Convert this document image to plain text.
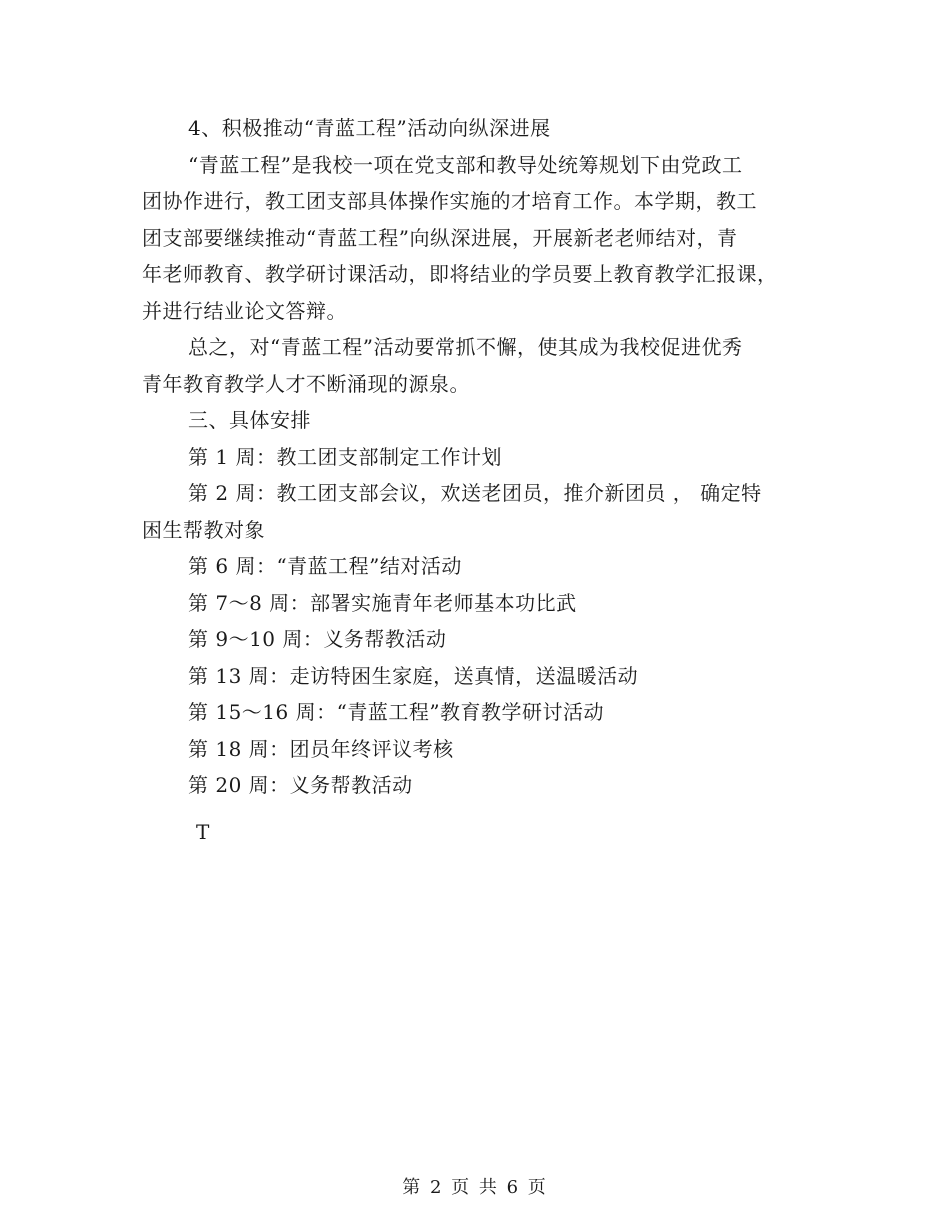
4、积极推动“青蓝工程”活动向纵深进展

“青蓝工程”是我校一项在党支部和教导处统筹规划下由党政工
团协作进行，教工团支部具体操作实施的才培育工作。本学期，教工
团支部要继续推动“青蓝工程”向纵深进展，开展新老老师结对，青
年老师教育、教学研讨课活动，即将结业的学员要上教育教学汇报课，
并进行结业论文答辩。

总之，对“青蓝工程”活动要常抓不懈，使其成为我校促进优秀
青年教育教学人才不断涌现的源泉。

三、具体安排

第 1 周：教工团支部制定工作计划

第 2 周：教工团支部会议，欢送老团员，推介新团员 ， 确定特
困生帮教对象

第 6 周：“青蓝工程”结对活动

第 7～8 周：部署实施青年老师基本功比武

第 9～10 周：义务帮教活动

第 13 周：走访特困生家庭，送真情，送温暖活动

第 15～16 周：“青蓝工程”教育教学研讨活动

第 18 周：团员年终评议考核

第 20 周：义务帮教活动

T
第 2 页 共 6 页
